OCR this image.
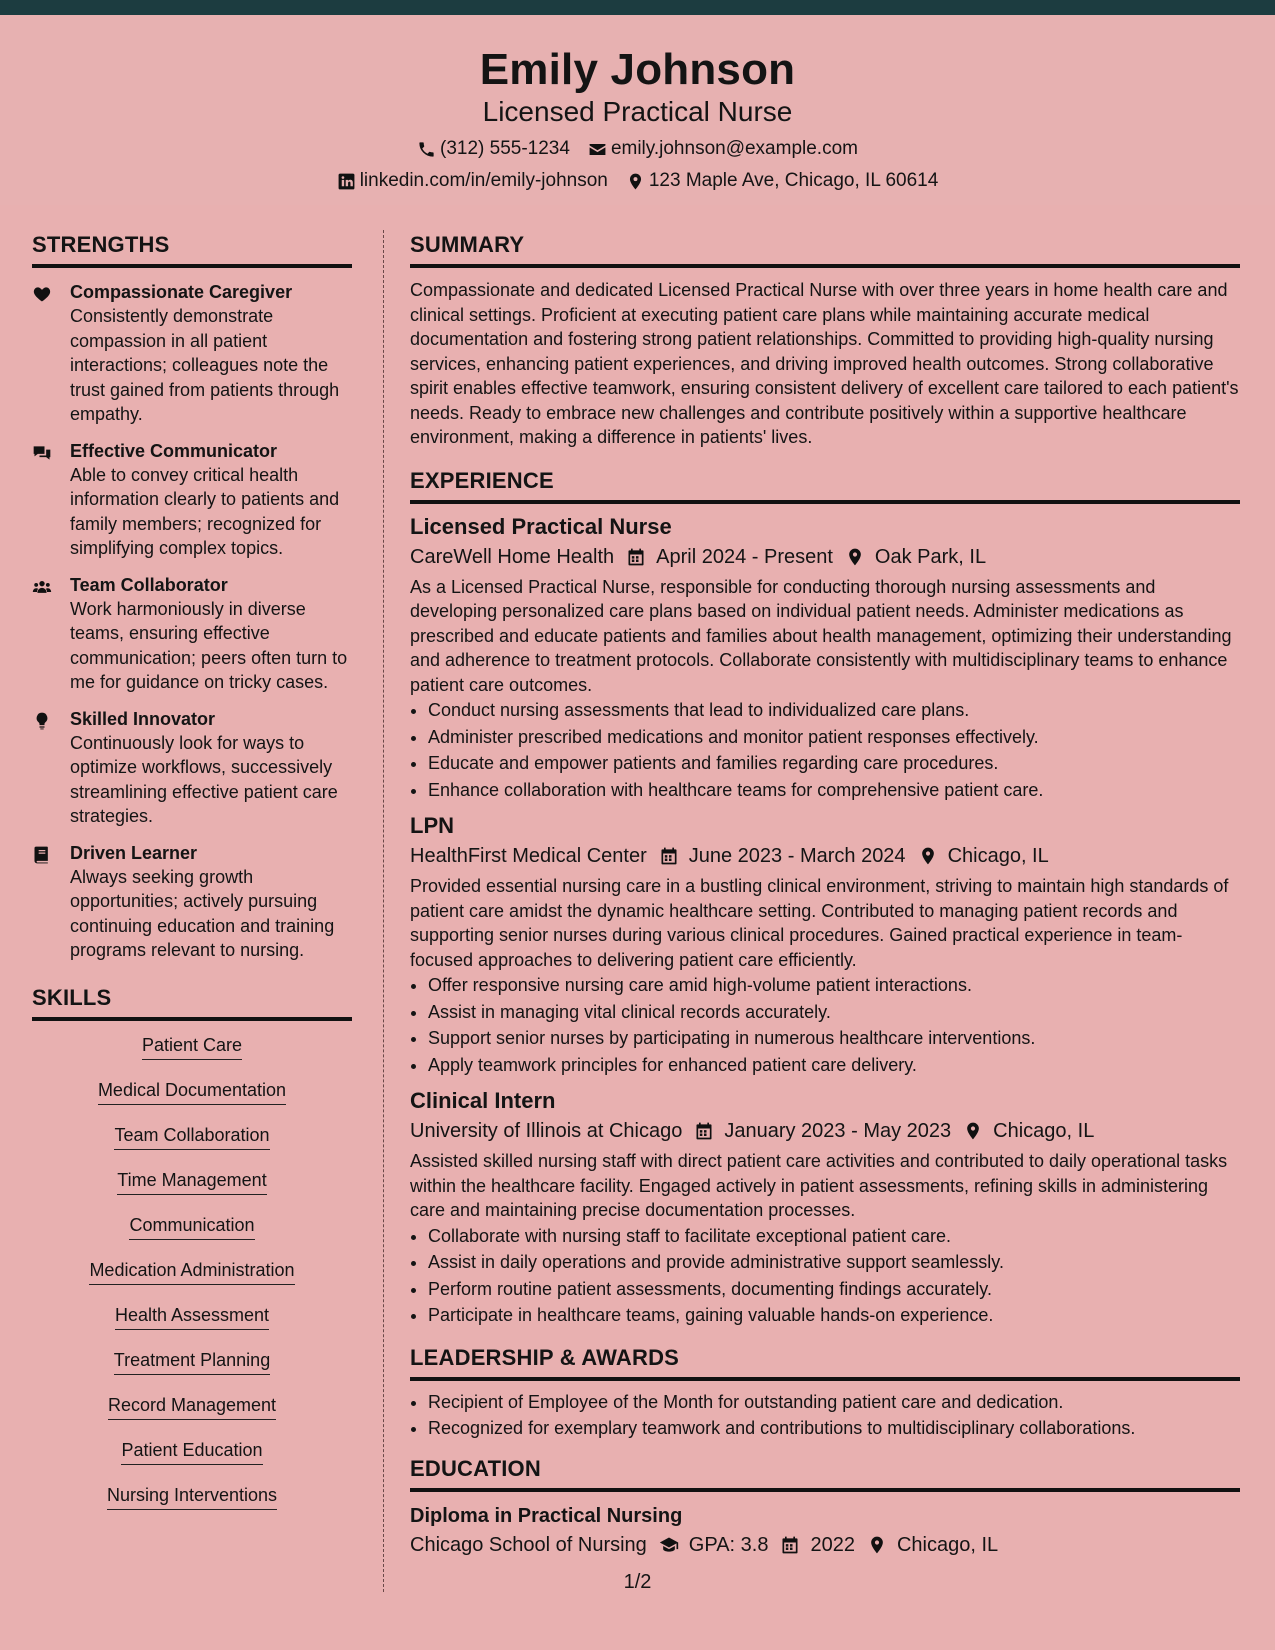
Emily Johnson
Licensed Practical Nurse
(312) 555-1234 emily.johnson@example.com
linkedin.com/in/emily-johnson 123 Maple Ave, Chicago, IL 60614
STRENGTHS
Compassionate Caregiver
Consistently demonstrate compassion in all patient interactions; colleagues note the trust gained from patients through empathy.
Effective Communicator
Able to convey critical health information clearly to patients and family members; recognized for simplifying complex topics.
Team Collaborator
Work harmoniously in diverse teams, ensuring effective communication; peers often turn to me for guidance on tricky cases.
Skilled Innovator
Continuously look for ways to optimize workflows, successively streamlining effective patient care strategies.
Driven Learner
Always seeking growth opportunities; actively pursuing continuing education and training programs relevant to nursing.
SKILLS
Patient Care
Medical Documentation
Team Collaboration
Time Management
Communication
Medication Administration
Health Assessment
Treatment Planning
Record Management
Patient Education
Nursing Interventions
SUMMARY
Compassionate and dedicated Licensed Practical Nurse with over three years in home health care and clinical settings. Proficient at executing patient care plans while maintaining accurate medical documentation and fostering strong patient relationships. Committed to providing high-quality nursing services, enhancing patient experiences, and driving improved health outcomes. Strong collaborative spirit enables effective teamwork, ensuring consistent delivery of excellent care tailored to each patient's needs. Ready to embrace new challenges and contribute positively within a supportive healthcare environment, making a difference in patients' lives.
EXPERIENCE
Licensed Practical Nurse
CareWell Home Health April 2024 - Present Oak Park, IL
As a Licensed Practical Nurse, responsible for conducting thorough nursing assessments and developing personalized care plans based on individual patient needs. Administer medications as prescribed and educate patients and families about health management, optimizing their understanding and adherence to treatment protocols. Collaborate consistently with multidisciplinary teams to enhance patient care outcomes.
• Conduct nursing assessments that lead to individualized care plans.
• Administer prescribed medications and monitor patient responses effectively.
• Educate and empower patients and families regarding care procedures.
• Enhance collaboration with healthcare teams for comprehensive patient care.
LPN
HealthFirst Medical Center June 2023 - March 2024 Chicago, IL
Provided essential nursing care in a bustling clinical environment, striving to maintain high standards of patient care amidst the dynamic healthcare setting. Contributed to managing patient records and supporting senior nurses during various clinical procedures. Gained practical experience in team-focused approaches to delivering patient care efficiently.
• Offer responsive nursing care amid high-volume patient interactions.
• Assist in managing vital clinical records accurately.
• Support senior nurses by participating in numerous healthcare interventions.
• Apply teamwork principles for enhanced patient care delivery.
Clinical Intern
University of Illinois at Chicago January 2023 - May 2023 Chicago, IL
Assisted skilled nursing staff with direct patient care activities and contributed to daily operational tasks within the healthcare facility. Engaged actively in patient assessments, refining skills in administering care and maintaining precise documentation processes.
• Collaborate with nursing staff to facilitate exceptional patient care.
• Assist in daily operations and provide administrative support seamlessly.
• Perform routine patient assessments, documenting findings accurately.
• Participate in healthcare teams, gaining valuable hands-on experience.
LEADERSHIP & AWARDS
• Recipient of Employee of the Month for outstanding patient care and dedication.
• Recognized for exemplary teamwork and contributions to multidisciplinary collaborations.
EDUCATION
Diploma in Practical Nursing
Chicago School of Nursing GPA: 3.8 2022 Chicago, IL
1/2
